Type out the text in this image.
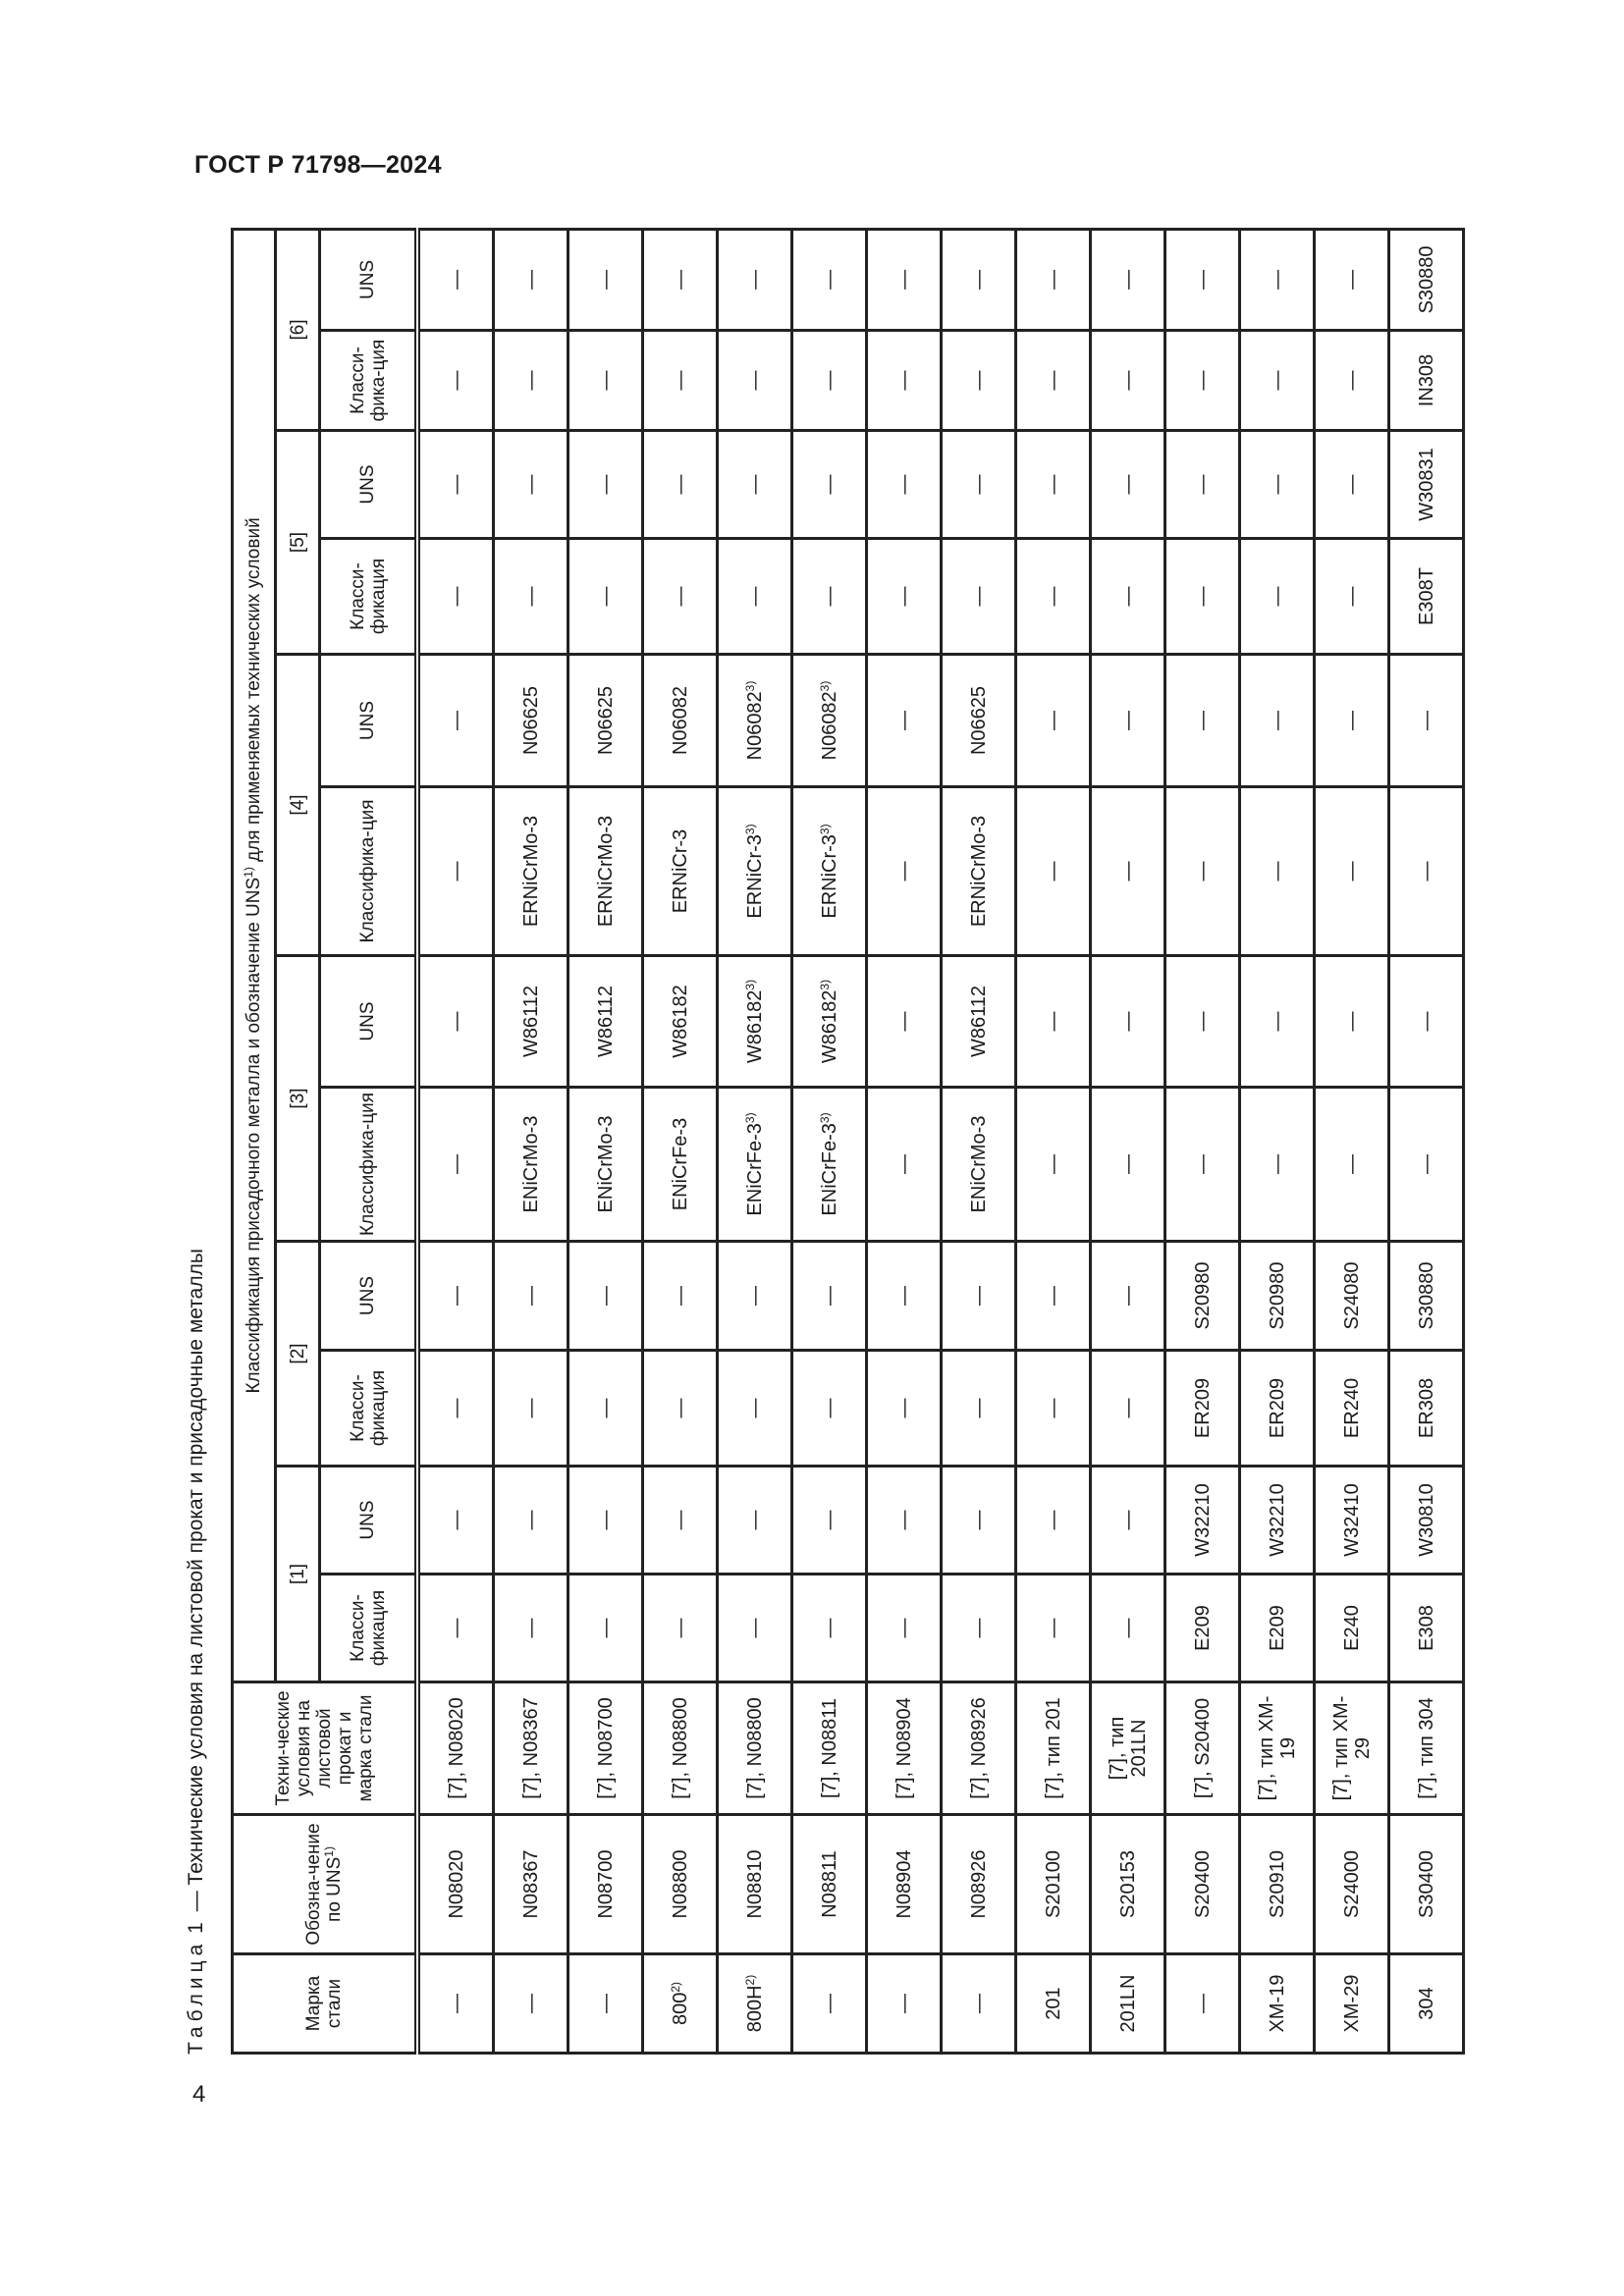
ГОСТ Р 71798—2024
Таблица 1 — Технические условия на листовой прокат и присадочные металлы
4
Марка стали	Обозна-чение по UNS$^{1)}$	Техни-ческие условия на листовой прокат и марка стали	Классификация присадочного металла и обозначение UNS$^{1)}$ для применяемых технических условий											
			[1]		[2]		[3]		[4]		[5]		[6]	
			Класси-фикация	UNS	Класси-фикация	UNS	Классифика-ция	UNS	Классифика-ция	UNS	Класси-фикация	UNS	Класси-фика-ция	UNS
—	N08020	[7], N08020	—	—	—	—	—	—	—	—	—	—	—	—
—	N08367	[7], N08367	—	—	—	—	ENiCrMo-3	W86112	ERNiCrMo-3	N06625	—	—	—	—
—	N08700	[7], N08700	—	—	—	—	ENiCrMo-3	W86112	ERNiCrMo-3	N06625	—	—	—	—
800$^{2)}$	N08800	[7], N08800	—	—	—	—	ENiCrFe-3	W86182	ERNiCr-3	N06082	—	—	—	—
$800H^{2)}$	N08810	[7], N08800	—	—	—	—	ENiCrFe-3$^{3)}$	W86182$^{3)}$	ERNiCr-3$^{3)}$	N06082$^{3)}$	—	—	—	—
—	N08811	[7], N08811	—	—	—	—	ENiCrFe-3$^{3)}$	W86182$^{3)}$	ERNiCr-3$^{3)}$	N06082$^{3)}$	—	—	—	—
—	N08904	[7], N08904	—	—	—	—	—	—	—	—	—	—	—	—
—	N08926	[7], N08926	—	—	—	—	ENiCrMo-3	W86112	ERNiCrMo-3	N06625	—	—	—	—
201	S20100	[7], тип 201	—	—	—	—	—	—	—	—	—	—	—	—
201LN	S20153	[7], тип 201LN	—	—	—	—	—	—	—	—	—	—	—	—
—	S20400	[7], S20400	E209	W32210	ER209	S20980	—	—	—	—	—	—	—	—
XM-19	S20910	[7], тип XM-19	E209	W32210	ER209	S20980	—	—	—	—	—	—	—	—
XM-29	S24000	[7], тип XM-29	E240	W32410	ER240	S24080	—	—	—	—	—	—	—	—
304	S30400	[7], тип 304	E308	W30810	ER308	S30880	—	—	—	—	E308T	W30831	IN308	S30880
